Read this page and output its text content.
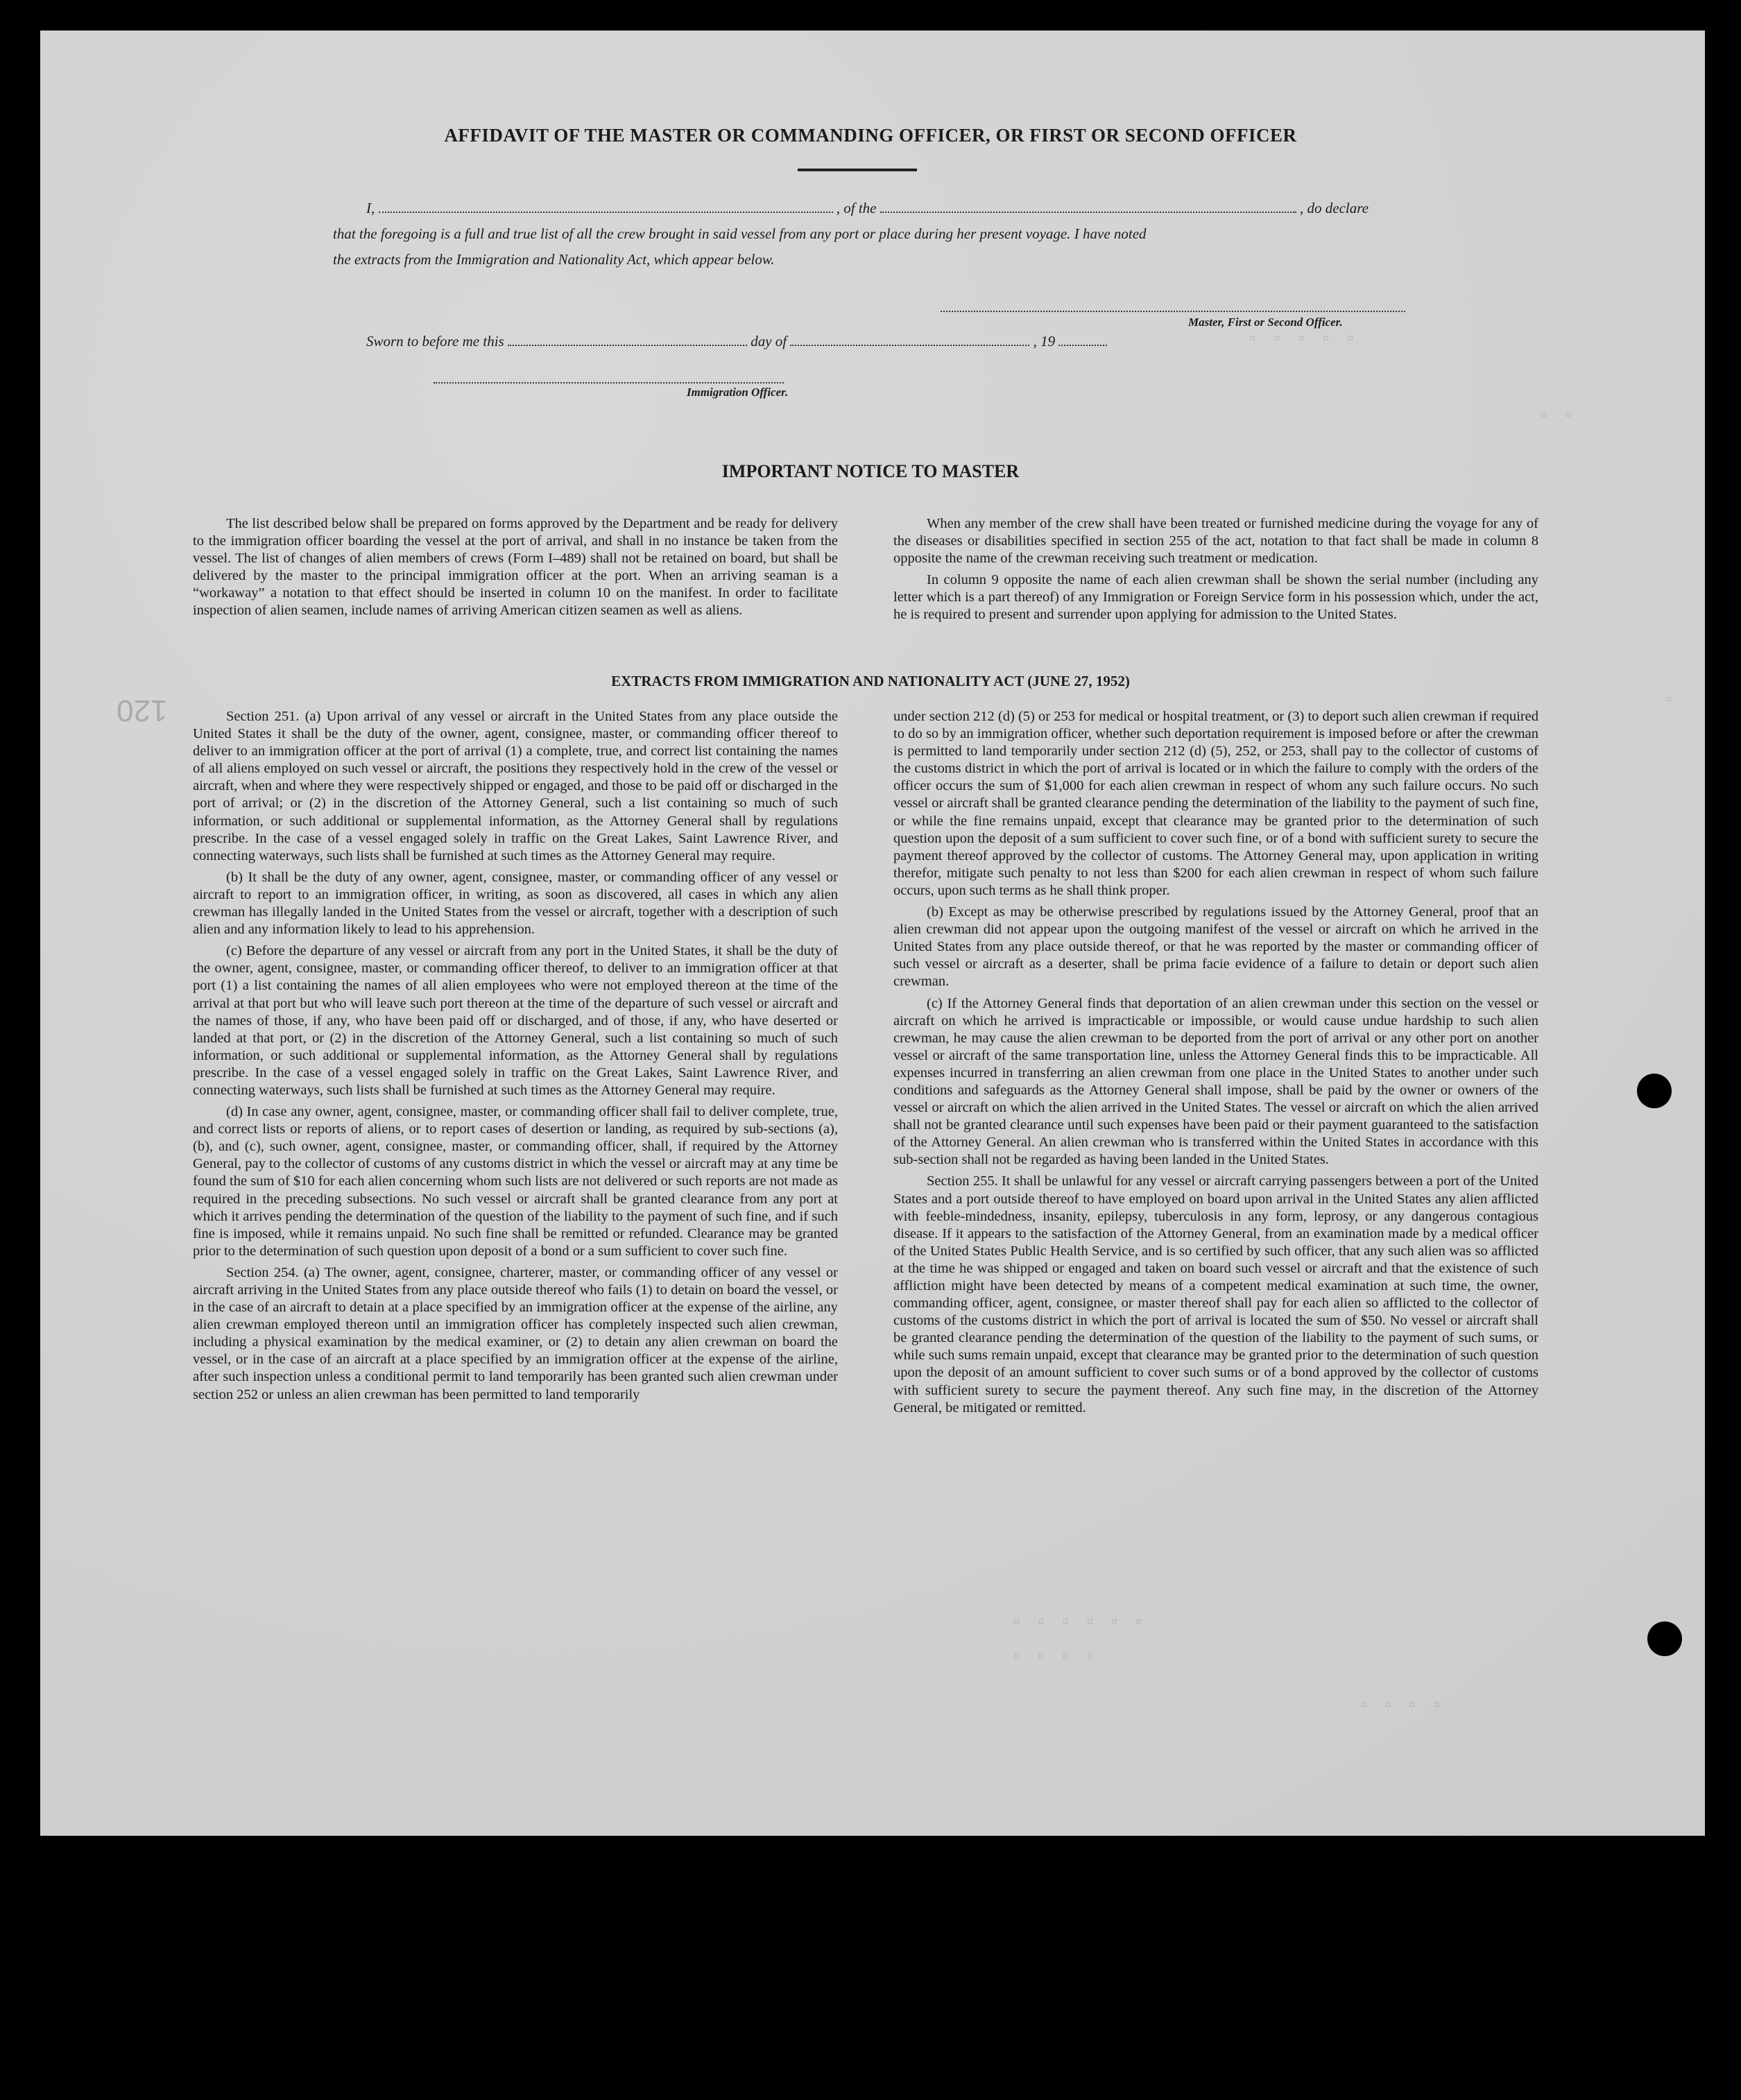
▫ ▫ ▫ ▫ ▫
▫ ▫
▫
▫ ▫ ▫ ▫ ▫ ▫
▫ ▫ ▫ ▫
▫ ▫ ▫ ▫
120
AFFIDAVIT OF THE MASTER OR COMMANDING OFFICER, OR FIRST OR SECOND OFFICER
I,	, of the	, do declare
that the foregoing is a full and true list of all the crew brought in said vessel from any port or place during her present voyage. I have noted
the extracts from the Immigration and Nationality Act, which appear below.
Master, First or Second Officer.
Sworn to before me this	day of	, 19
Immigration Officer.
IMPORTANT NOTICE TO MASTER

The list described below shall be prepared on forms approved by the Department and be ready for delivery to the immigration officer boarding the vessel at the port of arrival, and shall in no instance be taken from the vessel. The list of changes of alien members of crews (Form I–489) shall not be retained on board, but shall be delivered by the master to the principal immigration officer at the port. When an arriving seaman is a “workaway” a notation to that effect should be inserted in column 10 on the manifest. In order to facilitate inspection of alien seamen, include names of arriving American citizen seamen as well as aliens.

When any member of the crew shall have been treated or furnished medicine during the voyage for any of the diseases or disabilities specified in section 255 of the act, notation to that fact shall be made in column 8 opposite the name of the crewman receiving such treatment or medication.

In column 9 opposite the name of each alien crewman shall be shown the serial number (including any letter which is a part thereof) of any Immigration or Foreign Service form in his possession which, under the act, he is required to present and surrender upon applying for admission to the United States.

EXTRACTS FROM IMMIGRATION AND NATIONALITY ACT (JUNE 27, 1952)

Section 251. (a) Upon arrival of any vessel or aircraft in the United States from any place outside the United States it shall be the duty of the owner, agent, consignee, master, or commanding officer thereof to deliver to an immigration officer at the port of arrival (1) a complete, true, and correct list containing the names of all aliens employed on such vessel or aircraft, the positions they respectively hold in the crew of the vessel or aircraft, when and where they were respectively shipped or engaged, and those to be paid off or discharged in the port of arrival; or (2) in the discretion of the Attorney General, such a list containing so much of such information, or such additional or supplemental information, as the Attorney General shall by regulations prescribe. In the case of a vessel engaged solely in traffic on the Great Lakes, Saint Lawrence River, and connecting waterways, such lists shall be furnished at such times as the Attorney General may require.

(b) It shall be the duty of any owner, agent, consignee, master, or commanding officer of any vessel or aircraft to report to an immigration officer, in writing, as soon as discovered, all cases in which any alien crewman has illegally landed in the United States from the vessel or aircraft, together with a description of such alien and any information likely to lead to his apprehension.

(c) Before the departure of any vessel or aircraft from any port in the United States, it shall be the duty of the owner, agent, consignee, master, or commanding officer thereof, to deliver to an immigration officer at that port (1) a list containing the names of all alien employees who were not employed thereon at the time of the arrival at that port but who will leave such port thereon at the time of the departure of such vessel or aircraft and the names of those, if any, who have been paid off or discharged, and of those, if any, who have deserted or landed at that port, or (2) in the discretion of the Attorney General, such a list containing so much of such information, or such additional or supplemental information, as the Attorney General shall by regulations prescribe. In the case of a vessel engaged solely in traffic on the Great Lakes, Saint Lawrence River, and connecting waterways, such lists shall be furnished at such times as the Attorney General may require.

(d) In case any owner, agent, consignee, master, or commanding officer shall fail to deliver complete, true, and correct lists or reports of aliens, or to report cases of desertion or landing, as required by sub-sections (a), (b), and (c), such owner, agent, consignee, master, or commanding officer, shall, if required by the Attorney General, pay to the collector of customs of any customs district in which the vessel or aircraft may at any time be found the sum of $10 for each alien concerning whom such lists are not delivered or such reports are not made as required in the preceding subsections. No such vessel or aircraft shall be granted clearance from any port at which it arrives pending the determination of the question of the liability to the payment of such fine, and if such fine is imposed, while it remains unpaid. No such fine shall be remitted or refunded. Clearance may be granted prior to the determination of such question upon deposit of a bond or a sum sufficient to cover such fine.

Section 254. (a) The owner, agent, consignee, charterer, master, or commanding officer of any vessel or aircraft arriving in the United States from any place outside thereof who fails (1) to detain on board the vessel, or in the case of an aircraft to detain at a place specified by an immigration officer at the expense of the airline, any alien crewman employed thereon until an immigration officer has completely inspected such alien crewman, including a physical examination by the medical examiner, or (2) to detain any alien crewman on board the vessel, or in the case of an aircraft at a place specified by an immigration officer at the expense of the airline, after such inspection unless a conditional permit to land temporarily has been granted such alien crewman under section 252 or unless an alien crewman has been permitted to land temporarily

under section 212 (d) (5) or 253 for medical or hospital treatment, or (3) to deport such alien crewman if required to do so by an immigration officer, whether such deportation requirement is imposed before or after the crewman is permitted to land temporarily under section 212 (d) (5), 252, or 253, shall pay to the collector of customs of the customs district in which the port of arrival is located or in which the failure to comply with the orders of the officer occurs the sum of $1,000 for each alien crewman in respect of whom any such failure occurs. No such vessel or aircraft shall be granted clearance pending the determination of the liability to the payment of such fine, or while the fine remains unpaid, except that clearance may be granted prior to the determination of such question upon the deposit of a sum sufficient to cover such fine, or of a bond with sufficient surety to secure the payment thereof approved by the collector of customs. The Attorney General may, upon application in writing therefor, mitigate such penalty to not less than $200 for each alien crewman in respect of whom such failure occurs, upon such terms as he shall think proper.

(b) Except as may be otherwise prescribed by regulations issued by the Attorney General, proof that an alien crewman did not appear upon the outgoing manifest of the vessel or aircraft on which he arrived in the United States from any place outside thereof, or that he was reported by the master or commanding officer of such vessel or aircraft as a deserter, shall be prima facie evidence of a failure to detain or deport such alien crewman.

(c) If the Attorney General finds that deportation of an alien crewman under this section on the vessel or aircraft on which he arrived is impracticable or impossible, or would cause undue hardship to such alien crewman, he may cause the alien crewman to be deported from the port of arrival or any other port on another vessel or aircraft of the same transportation line, unless the Attorney General finds this to be impracticable. All expenses incurred in transferring an alien crewman from one place in the United States to another under such conditions and safeguards as the Attorney General shall impose, shall be paid by the owner or owners of the vessel or aircraft on which the alien arrived in the United States. The vessel or aircraft on which the alien arrived shall not be granted clearance until such expenses have been paid or their payment guaranteed to the satisfaction of the Attorney General. An alien crewman who is transferred within the United States in accordance with this sub-section shall not be regarded as having been landed in the United States.

Section 255. It shall be unlawful for any vessel or aircraft carrying passengers between a port of the United States and a port outside thereof to have employed on board upon arrival in the United States any alien afflicted with feeble-mindedness, insanity, epilepsy, tuberculosis in any form, leprosy, or any dangerous contagious disease. If it appears to the satisfaction of the Attorney General, from an examination made by a medical officer of the United States Public Health Service, and is so certified by such officer, that any such alien was so afflicted at the time he was shipped or engaged and taken on board such vessel or aircraft and that the existence of such affliction might have been detected by means of a competent medical examination at such time, the owner, commanding officer, agent, consignee, or master thereof shall pay for each alien so afflicted to the collector of customs of the customs district in which the port of arrival is located the sum of $50. No vessel or aircraft shall be granted clearance pending the determination of the question of the liability to the payment of such sums, or while such sums remain unpaid, except that clearance may be granted prior to the determination of such question upon the deposit of an amount sufficient to cover such sums or of a bond approved by the collector of customs with sufficient surety to secure the payment thereof. Any such fine may, in the discretion of the Attorney General, be mitigated or remitted.
